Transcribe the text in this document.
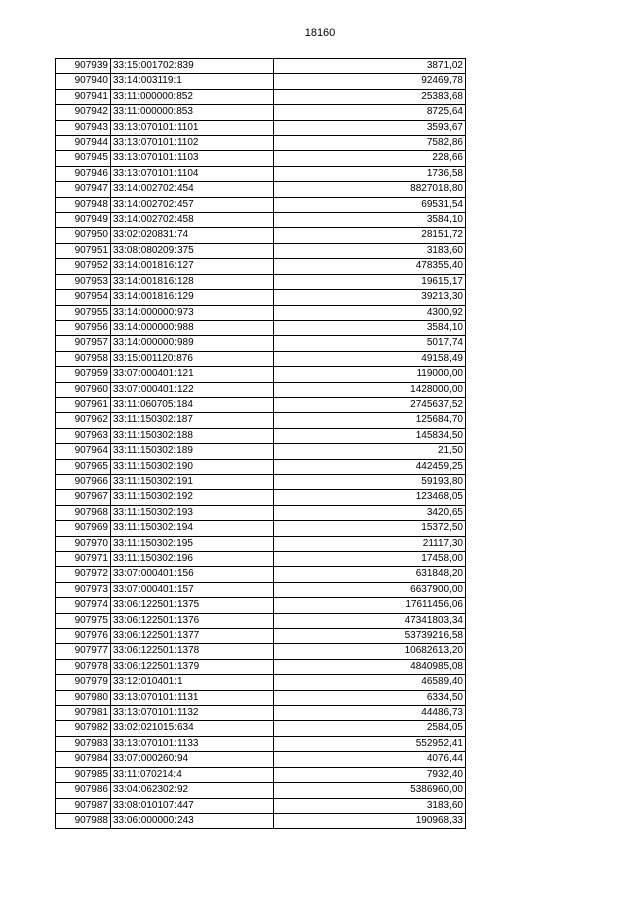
18160
907939	33:15:001702:839	3871,02
907940	33:14:003119:1	92469,78
907941	33:11:000000:852	25383,68
907942	33:11:000000:853	8725,64
907943	33:13:070101:1101	3593,67
907944	33:13:070101:1102	7582,86
907945	33:13:070101:1103	228,66
907946	33:13:070101:1104	1736,58
907947	33:14:002702:454	8827018,80
907948	33:14:002702:457	69531,54
907949	33:14:002702:458	3584,10
907950	33:02:020831:74	28151,72
907951	33:08:080209:375	3183,60
907952	33:14:001816:127	478355,40
907953	33:14:001816:128	19615,17
907954	33:14:001816:129	39213,30
907955	33:14:000000:973	4300,92
907956	33:14:000000:988	3584,10
907957	33:14:000000:989	5017,74
907958	33:15:001120:876	49158,49
907959	33:07:000401:121	119000,00
907960	33:07:000401:122	1428000,00
907961	33:11:060705:184	2745637,52
907962	33:11:150302:187	125684,70
907963	33:11:150302:188	145834,50
907964	33:11:150302:189	21,50
907965	33:11:150302:190	442459,25
907966	33:11:150302:191	59193,80
907967	33:11:150302:192	123468,05
907968	33:11:150302:193	3420,65
907969	33:11:150302:194	15372,50
907970	33:11:150302:195	21117,30
907971	33:11:150302:196	17458,00
907972	33:07:000401:156	631848,20
907973	33:07:000401:157	6637900,00
907974	33:06:122501:1375	17611456,06
907975	33:06:122501:1376	47341803,34
907976	33:06:122501:1377	53739216,58
907977	33:06:122501:1378	10682613,20
907978	33:06:122501:1379	4840985,08
907979	33:12:010401:1	46589,40
907980	33:13:070101:1131	6334,50
907981	33:13:070101:1132	44486,73
907982	33:02:021015:634	2584,05
907983	33:13:070101:1133	552952,41
907984	33:07:000260:94	4076,44
907985	33:11:070214:4	7932,40
907986	33:04:062302:92	5386960,00
907987	33:08:010107:447	3183,60
907988	33:06:000000:243	190968,33
